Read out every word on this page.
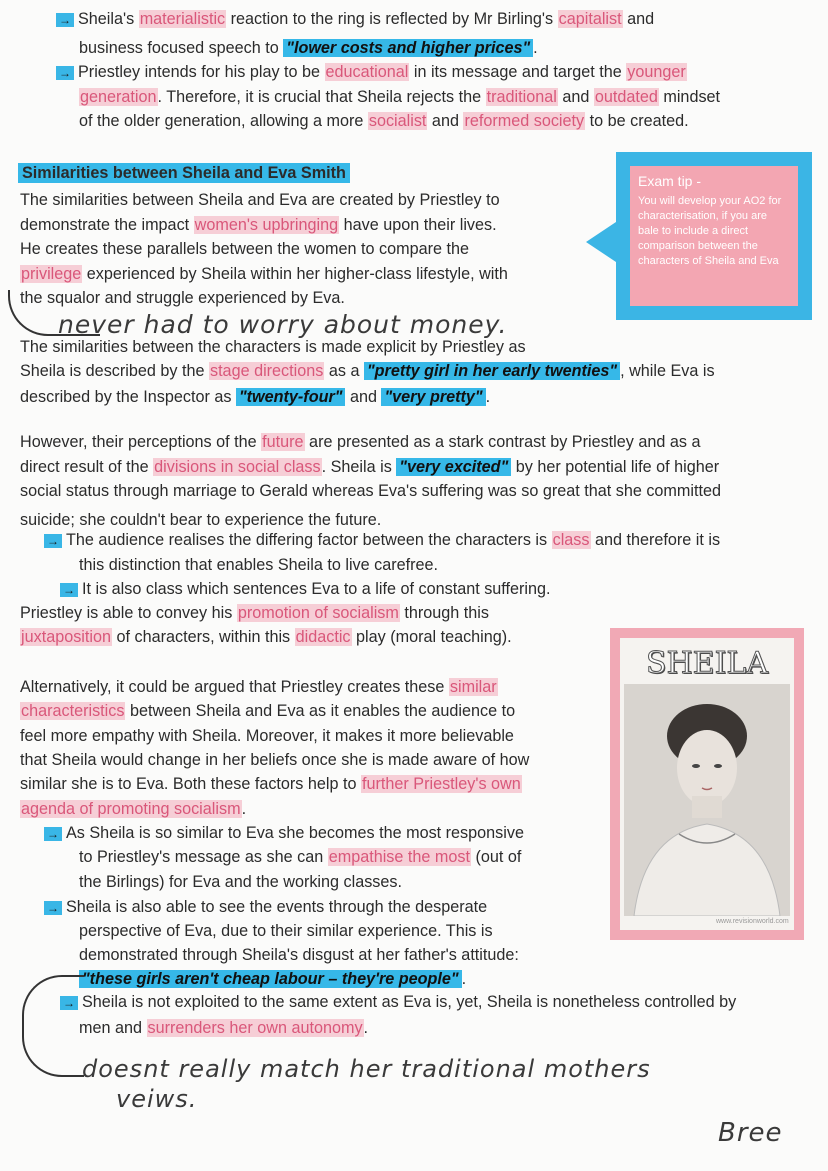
→ Sheila's materialistic reaction to the ring is reflected by Mr Birling's capitalist and
business focused speech to "lower costs and higher prices" .
→ Priestley intends for his play to be educational in its message and target the younger
generation. Therefore, it is crucial that Sheila rejects the traditional and outdated mindset
of the older generation, allowing a more socialist and reformed society to be created.
Similarities between Sheila and Eva Smith
The similarities between Sheila and Eva are created by Priestley to
demonstrate the impact women's upbringing have upon their lives.
He creates these parallels between the women to compare the
privilege experienced by Sheila within her higher-class lifestyle, with
the squalor and struggle experienced by Eva.
never had to worry about money.
Exam tip -
You will develop your AO2 for
characterisation, if you are
bale to include a direct
comparison between the
characters of Sheila and Eva
The similarities between the characters is made explicit by Priestley as
Sheila is described by the stage directions as a "pretty girl in her early twenties" , while Eva is
described by the Inspector as "twenty-four" and "very pretty" .
However, their perceptions of the future are presented as a stark contrast by Priestley and as a
direct result of the divisions in social class. Sheila is "very excited" by her potential life of higher
social status through marriage to Gerald whereas Eva's suffering was so great that she committed
suicide; she couldn't bear to experience the future.
→ The audience realises the differing factor between the characters is class and therefore it is
this distinction that enables Sheila to live carefree.
→ It is also class which sentences Eva to a life of constant suffering.
Priestley is able to convey his promotion of socialism through this
juxtaposition of characters, within this didactic play (moral teaching).
SHEILA
www.revisionworld.com
Alternatively, it could be argued that Priestley creates these similar
characteristics between Sheila and Eva as it enables the audience to
feel more empathy with Sheila. Moreover, it makes it more believable
that Sheila would change in her beliefs once she is made aware of how
similar she is to Eva. Both these factors help to further Priestley's own
agenda of promoting socialism.
→ As Sheila is so similar to Eva she becomes the most responsive
to Priestley's message as she can empathise the most (out of
the Birlings) for Eva and the working classes.
→ Sheila is also able to see the events through the desperate
perspective of Eva, due to their similar experience. This is
demonstrated through Sheila's disgust at her father's attitude:
"these girls aren't cheap labour – they're people" .
→ Sheila is not exploited to the same extent as Eva is, yet, Sheila is nonetheless controlled by
men and surrenders her own autonomy.
doesnt really match her traditional mothers
veiws.
Bree
